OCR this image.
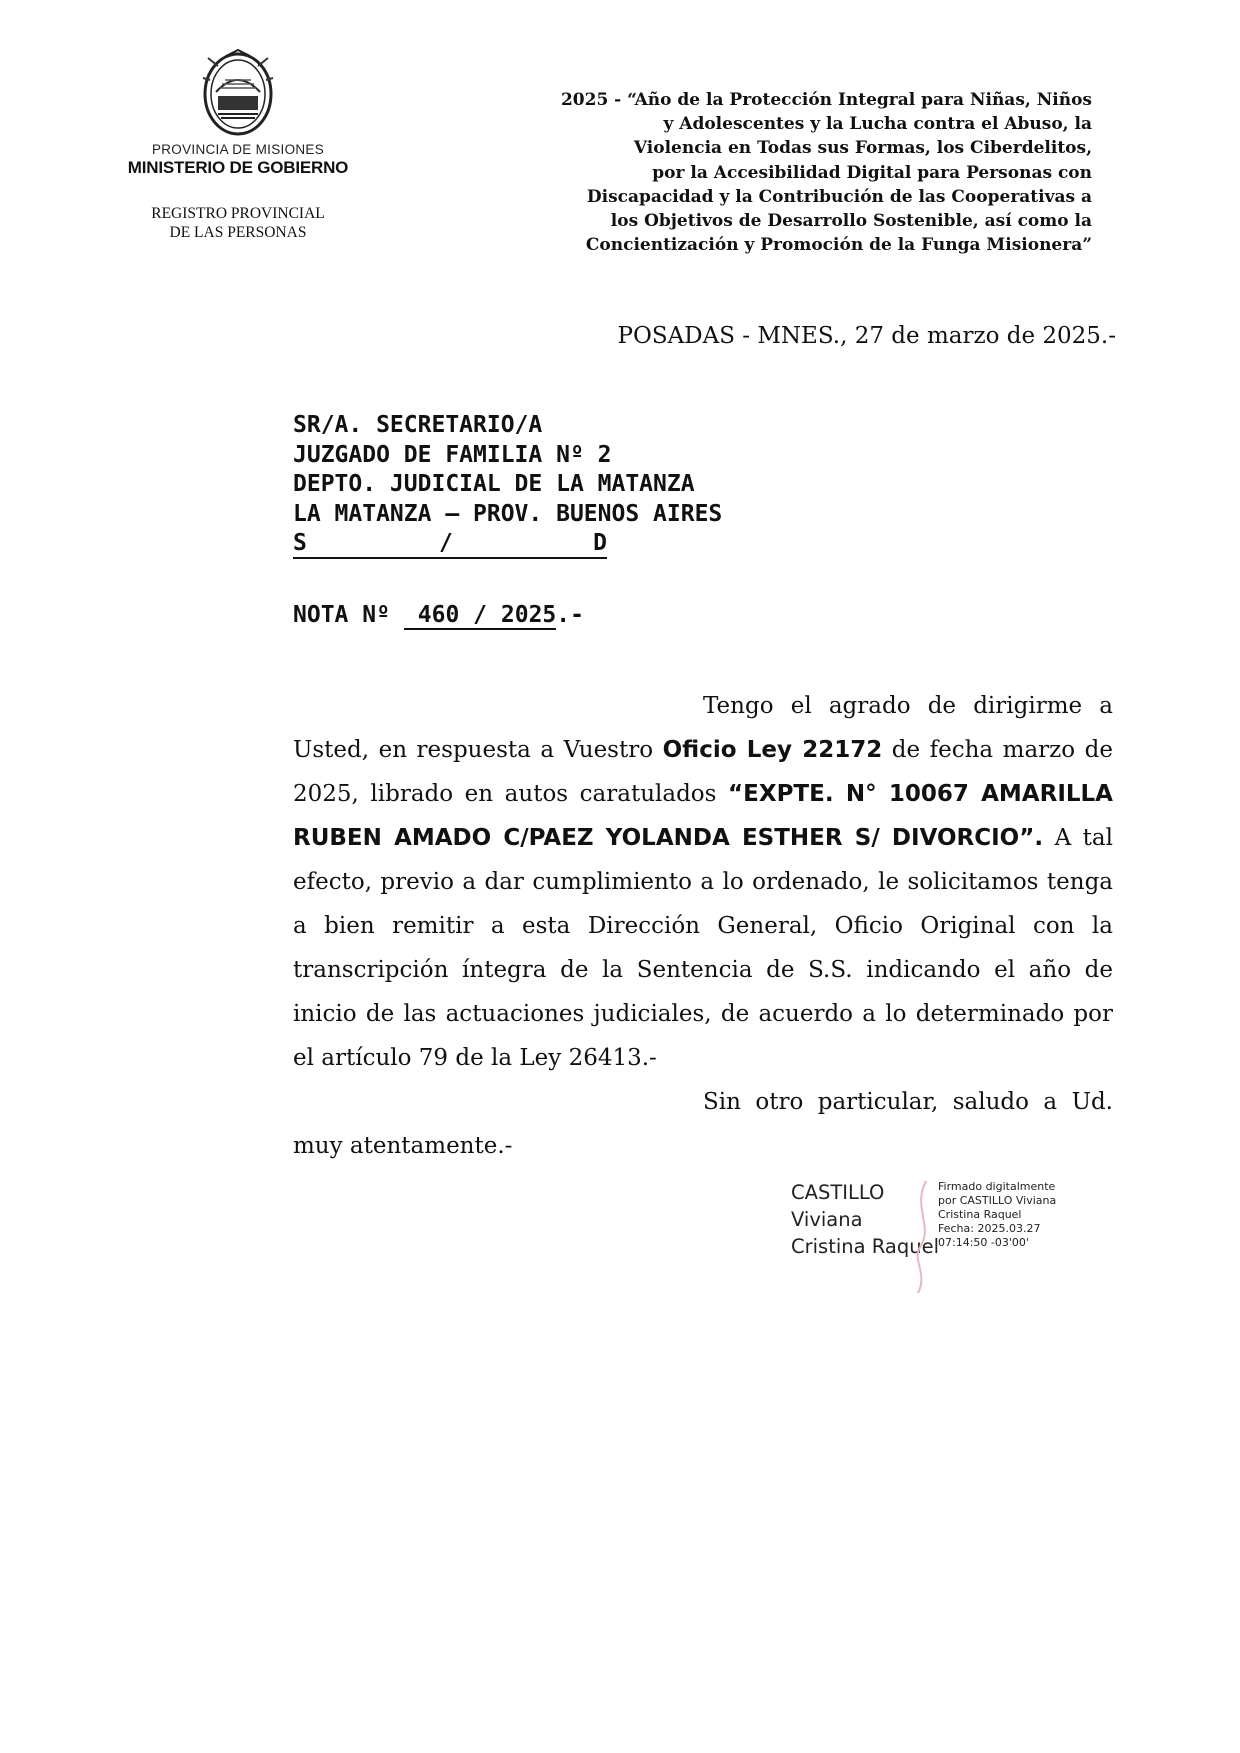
PROVINCIA DE MISIONES
MINISTERIO DE GOBIERNO
REGISTRO PROVINCIAL
DE LAS PERSONAS
2025 - “Año de la Protección Integral para Niñas, Niños
y Adolescentes y la Lucha contra el Abuso, la
Violencia en Todas sus Formas, los Ciberdelitos,
por la Accesibilidad Digital para Personas con
Discapacidad y la Contribución de las Cooperativas a
los Objetivos de Desarrollo Sostenible, así como la
Concientización y Promoción de la Funga Misionera”
POSADAS - MNES., 27 de marzo de 2025.-
SR/A. SECRETARIO/A
JUZGADO DE FAMILIA Nº 2
DEPTO. JUDICIAL DE LA MATANZA
LA MATANZA – PROV. BUENOS AIRES
S	/	D
NOTA Nº 460 / 2025.-

Tengo el agrado de dirigirme a Usted, en respuesta a Vuestro Oficio Ley 22172 de fecha marzo de 2025, librado en autos caratulados “EXPTE. N° 10067 AMARILLA RUBEN AMADO C/PAEZ YOLANDA ESTHER S/ DIVORCIO”. A tal efecto, previo a dar cumplimiento a lo ordenado, le solicitamos tenga a bien remitir a esta Dirección General, Oficio Original con la transcripción íntegra de la Sentencia de S.S. indicando el año de inicio de las actuaciones judiciales, de acuerdo a lo determinado por el artículo 79 de la Ley 26413.-

Sin otro particular, saludo a Ud. muy atentamente.-

CASTILLO
Viviana
Cristina Raquel
Firmado digitalmente
por CASTILLO Viviana
Cristina Raquel
Fecha: 2025.03.27
07:14:50 -03'00'
